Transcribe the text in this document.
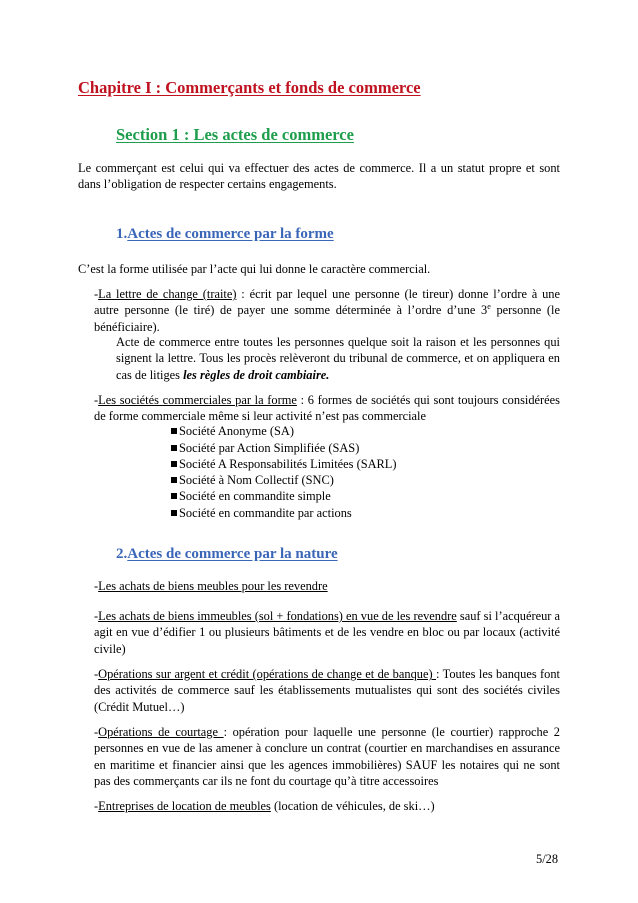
Chapitre I : Commerçants et fonds de commerce
Section 1 : Les actes de commerce
Le commerçant est celui qui va effectuer des actes de commerce. Il a un statut propre et sont dans l’obligation de respecter certains engagements.
1.Actes de commerce par la forme
C’est la forme utilisée par l’acte qui lui donne le caractère commercial.
-La lettre de change (traite) : écrit par lequel une personne (le tireur) donne l’ordre à une autre personne (le tiré) de payer une somme déterminée à l’ordre d’une 3e personne (le bénéficiaire).
Acte de commerce entre toutes les personnes quelque soit la raison et les personnes qui signent la lettre. Tous les procès relèveront du tribunal de commerce, et on appliquera en cas de litiges les règles de droit cambiaire.
-Les sociétés commerciales par la forme : 6 formes de sociétés qui sont toujours considérées de forme commerciale même si leur activité n’est pas commerciale
Société Anonyme (SA)
Société par Action Simplifiée (SAS)
Société A Responsabilités Limitées (SARL)
Société à Nom Collectif (SNC)
Société en commandite simple
Société en commandite par actions
2.Actes de commerce par la nature
-Les achats de biens meubles pour les revendre
-Les achats de biens immeubles (sol + fondations) en vue de les revendre sauf si l’acquéreur a agit en vue d’édifier 1 ou plusieurs bâtiments et de les vendre en bloc ou par locaux (activité civile)
-Opérations sur argent et crédit (opérations de change et de banque) : Toutes les banques font des activités de commerce sauf les établissements mutualistes qui sont des sociétés civiles (Crédit Mutuel…)
-Opérations de courtage : opération pour laquelle une personne (le courtier) rapproche 2 personnes en vue de las amener à conclure un contrat (courtier en marchandises en assurance en maritime et financier ainsi que les agences immobilières) SAUF les notaires qui ne sont pas des commerçants car ils ne font du courtage qu’à titre accessoires
-Entreprises de location de meubles (location de véhicules, de ski…)
5/28
